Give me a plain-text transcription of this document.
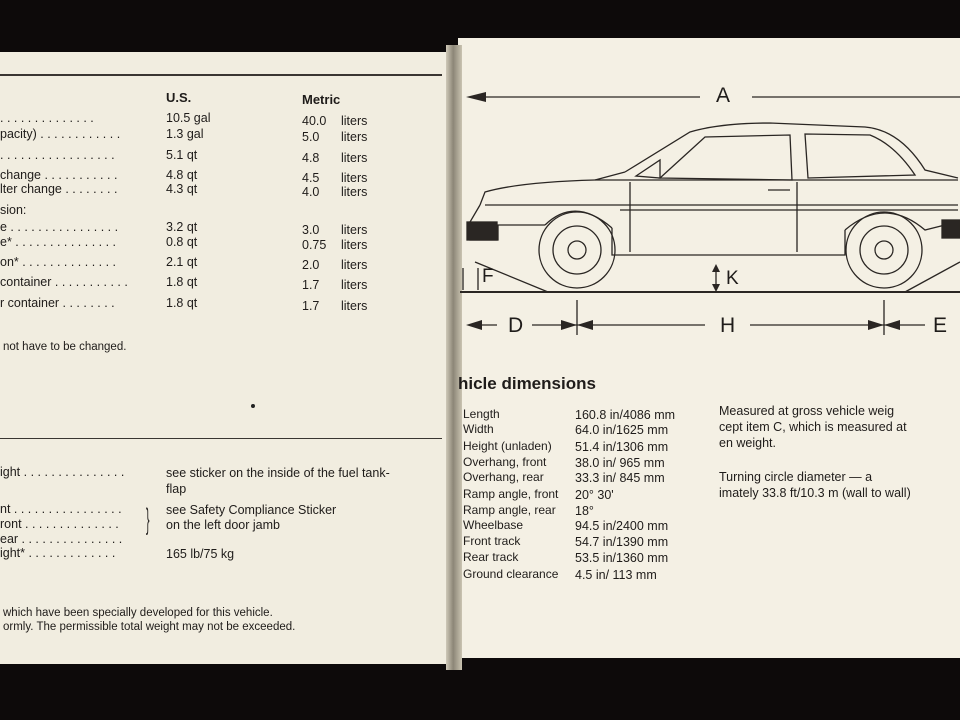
U.S.	Metric
. . . . . . . . . . . . . .	10.5 gal	40.0 liters
pacity) . . . . . . . . . . . .	1.3 gal	5.0 liters
. . . . . . . . . . . . . . . . .	5.1 qt	4.8 liters
change . . . . . . . . . . .	4.8 qt	4.5 liters
lter change . . . . . . . .	4.3 qt	4.0 liters
sion:
e . . . . . . . . . . . . . . . .	3.2 qt	3.0 liters
e* . . . . . . . . . . . . . . .	0.8 qt	0.75 liters
on* . . . . . . . . . . . . . .	2.1 qt	2.0 liters
container . . . . . . . . . . .	1.8 qt	1.7 liters
r container . . . . . . . .	1.8 qt	1.7 liters
not have to be changed.
ight . . . . . . . . . . . . . . .	see sticker on the inside of the fuel tank-
flap
nt . . . . . . . . . . . . . . . .	see Safety Compliance Sticker
ront . . . . . . . . . . . . . .	on the left door jamb
ear . . . . . . . . . . . . . . .
ight* . . . . . . . . . . . . .	165 lb/75 kg
}
which have been specially developed for this vehicle.
ormly. The permissible total weight may not be exceeded.
A
F	K
D	H	E
hicle dimensions
Length	160.8 in/4086 mm
Width	64.0 in/1625 mm
Height (unladen) 51.4 in/1306 mm
Overhang, front 38.0 in/ 965 mm
Overhang, rear	33.3 in/ 845 mm
Ramp angle, front 20° 30'
Ramp angle, rear 18°
Wheelbase	94.5 in/2400 mm
Front track	54.7 in/1390 mm
Rear track	53.5 in/1360 mm
Ground clearance 4.5 in/ 113 mm
Measured at gross vehicle weig
cept item C, which is measured at
en weight.
Turning circle diameter — a
imately 33.8 ft/10.3 m (wall to wall)
